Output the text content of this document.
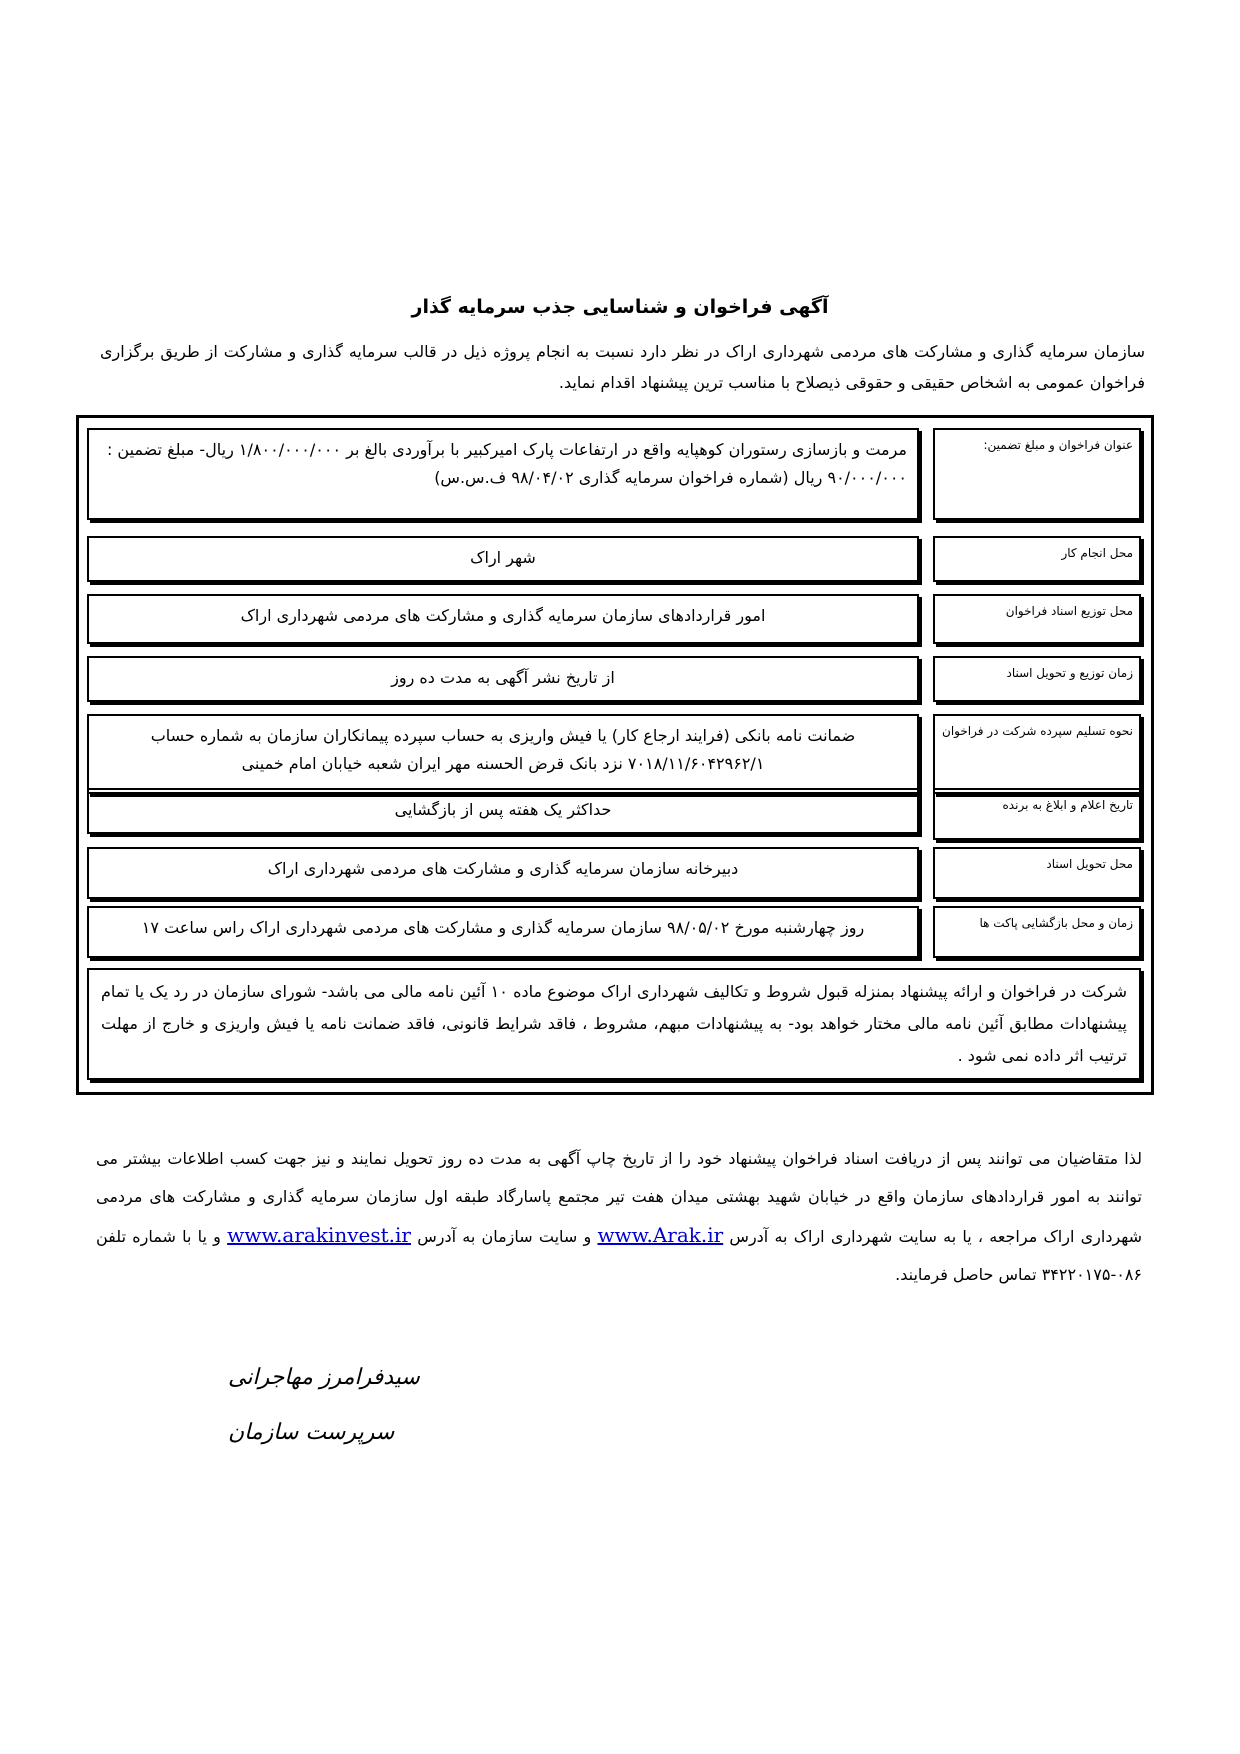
آگهی فراخوان و شناسایی جذب سرمایه گذار
سازمان سرمایه گذاری و مشارکت های مردمی شهرداری اراک در نظر دارد نسبت به انجام پروژه ذیل در قالب سرمایه گذاری و مشارکت از طریق برگزاری فراخوان عمومی به اشخاص حقیقی و حقوقی ذیصلاح با مناسب ترین پیشنهاد اقدام نماید.
عنوان فراخوان و مبلغ تضمین:
مرمت و بازسازی رستوران کوهپایه واقع در ارتفاعات پارک امیرکبیر با برآوردی بالغ بر ۱/۸۰۰/۰۰۰/۰۰۰ ریال- مبلغ تضمین : ۹۰/۰۰۰/۰۰۰ ریال (شماره فراخوان سرمایه گذاری ۹۸/۰۴/۰۲ ف.س.س)
محل انجام کار
شهر اراک
محل توزیع اسناد فراخوان
امور قراردادهای سازمان سرمایه گذاری و مشارکت های مردمی شهرداری اراک
زمان توزیع و تحویل اسناد
از تاریخ نشر آگهی به مدت ده روز
نحوه تسلیم سپرده شرکت در فراخوان
ضمانت نامه بانکی (فرایند ارجاع کار) یا فیش واریزی به حساب سپرده پیمانکاران سازمان به شماره حساب ۷۰۱۸/۱۱/۶۰۴۲۹۶۲/۱ نزد بانک قرض الحسنه مهر ایران شعبه خیابان امام خمینی
تاریخ اعلام و ابلاغ به برنده
حداکثر یک هفته پس از بازگشایی
محل تحویل اسناد
دبیرخانه سازمان سرمایه گذاری و مشارکت های مردمی شهرداری اراک
زمان و محل بازگشایی پاکت ها
روز چهارشنبه مورخ ۹۸/۰۵/۰۲ سازمان سرمایه گذاری و مشارکت های مردمی شهرداری اراک راس ساعت ۱۷
شرکت در فراخوان و ارائه پیشنهاد بمنزله قبول شروط و تکالیف شهرداری اراک موضوع ماده ۱۰ آئین نامه مالی می باشد- شورای سازمان در رد یک یا تمام پیشنهادات مطابق آئین نامه مالی مختار خواهد بود- به پیشنهادات مبهم، مشروط ، فاقد شرایط قانونی، فاقد ضمانت نامه یا فیش واریزی و خارج از مهلت ترتیب اثر داده نمی شود .
لذا متقاضیان می توانند پس از دریافت اسناد فراخوان پیشنهاد خود را از تاریخ چاپ آگهی به مدت ده روز تحویل نمایند و نیز جهت کسب اطلاعات بیشتر می توانند به امور قراردادهای سازمان واقع در خیابان شهید بهشتی میدان هفت تیر مجتمع پاسارگاد طبقه اول سازمان سرمایه گذاری و مشارکت های مردمی شهرداری اراک مراجعه ، یا به سایت شهرداری اراک به آدرس www.Arak.ir و سایت سازمان به آدرس www.arakinvest.ir و یا با شماره تلفن ۰۸۶-۳۴۲۲۰۱۷۵ تماس حاصل فرمایند.
سیدفرامرز مهاجرانی
سرپرست سازمان
